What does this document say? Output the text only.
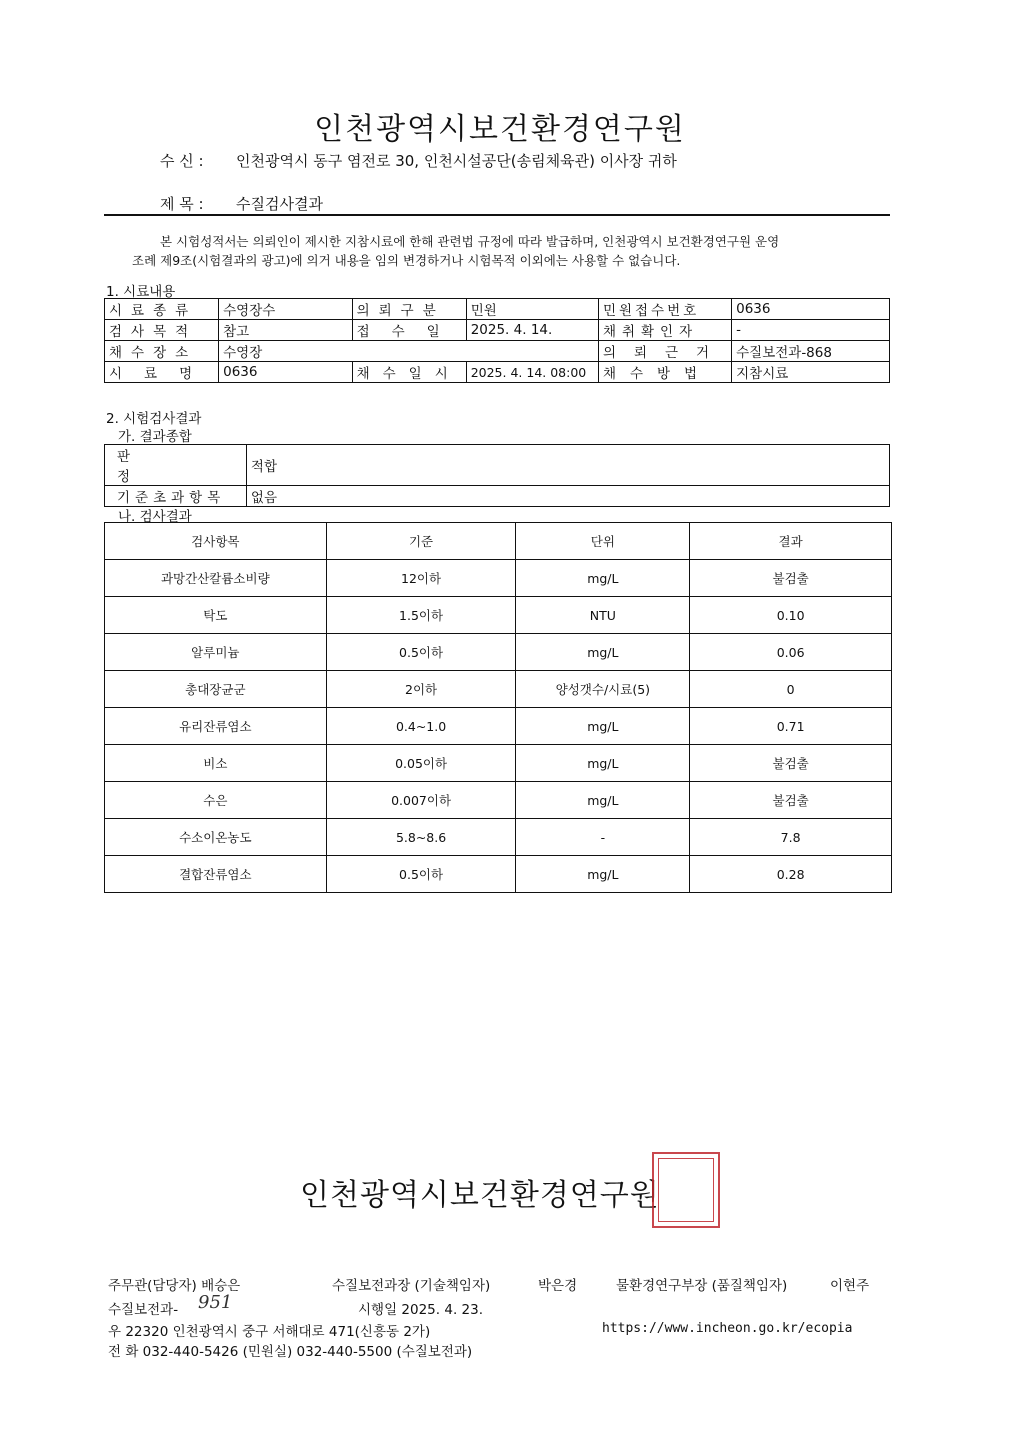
인천광역시보건환경연구원
수 신 : 인천광역시 동구 염전로 30, 인천시설공단(송림체육관) 이사장 귀하
제 목 : 수질검사결과
본 시험성적서는 의뢰인이 제시한 지참시료에 한해 관련법 규정에 따라 발급하며, 인천광역시 보건환경연구원 운영
조례 제9조(시험결과의 광고)에 의거 내용을 임의 변경하거나 시험목적 이외에는 사용할 수 없습니다.
1. 시료내용
시료종류	수영장수	의뢰구분	민원	민원접수번호	0636
검사목적	참고	접수일	2025. 4. 14.	채취확인자	-
채수장소	수영장			의뢰근거	수질보전과-868
시료명	0636	채수일시	2025. 4. 14. 08:00	채수방법	지참시료
2. 시험검사결과
가. 결과종합
판정	적합
기준초과항목	없음
나. 검사결과
검사항목	기준	단위	결과
과망간산칼륨소비량	12이하	mg/L	불검출
탁도	1.5이하	NTU	0.10
알루미늄	0.5이하	mg/L	0.06
총대장균군	2이하	양성갯수/시료(5)	0
유리잔류염소	0.4~1.0	mg/L	0.71
비소	0.05이하	mg/L	불검출
수은	0.007이하	mg/L	불검출
수소이온농도	5.8~8.6	-	7.8
결합잔류염소	0.5이하	mg/L	0.28
인천광역시보건환경연구원
주무관(담당자) 배승은	수질보전과장 (기술책임자)	박은경	물환경연구부장 (품질책임자)	이현주
수질보전과- 951	시행일 2025. 4. 23.
우 22320 인천광역시 중구 서해대로 471(신흥동 2가)	https://www.incheon.go.kr/ecopia
전 화 032-440-5426 (민원실) 032-440-5500 (수질보전과)
